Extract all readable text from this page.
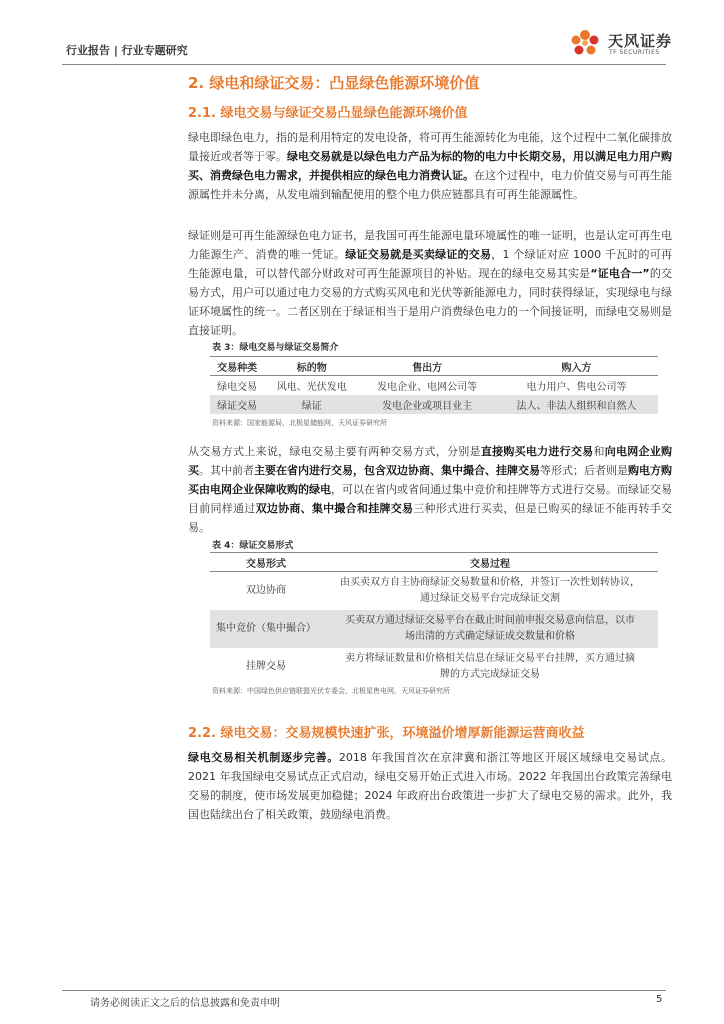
行业报告 | 行业专题研究
天风证券
TF SECURITIES
2. 绿电和绿证交易：凸显绿色能源环境价值
2.1. 绿电交易与绿证交易凸显绿色能源环境价值
绿电即绿色电力，指的是利用特定的发电设备，将可再生能源转化为电能，这个过程中二氧化碳排放量接近或者等于零。绿电交易就是以绿色电力产品为标的物的电力中长期交易，用以满足电力用户购买、消费绿色电力需求，并提供相应的绿色电力消费认证。在这个过程中，电力价值交易与可再生能源属性并未分离，从发电端到输配使用的整个电力供应链都具有可再生能源属性。
绿证则是可再生能源绿色电力证书，是我国可再生能源电量环境属性的唯一证明，也是认定可再生电力能源生产、消费的唯一凭证。绿证交易就是买卖绿证的交易，1 个绿证对应 1000 千瓦时的可再生能源电量，可以替代部分财政对可再生能源项目的补贴。现在的绿电交易其实是“证电合一”的交易方式，用户可以通过电力交易的方式购买风电和光伏等新能源电力，同时获得绿证，实现绿电与绿证环境属性的统一。二者区别在于绿证相当于是用户消费绿色电力的一个间接证明，而绿电交易则是直接证明。
表 3：绿电交易与绿证交易简介
交易种类	标的物	售出方	购入方
绿电交易	风电、光伏发电	发电企业、电网公司等	电力用户、售电公司等
绿证交易	绿证	发电企业或项目业主	法人、非法人组织和自然人
资料来源：国家能源局，北极星储能网，天风证券研究所
从交易方式上来说，绿电交易主要有两种交易方式，分别是直接购买电力进行交易和向电网企业购买。其中前者主要在省内进行交易，包含双边协商、集中撮合、挂牌交易等形式；后者则是购电方购买由电网企业保障收购的绿电，可以在省内或省间通过集中竞价和挂牌等方式进行交易。而绿证交易目前同样通过双边协商、集中撮合和挂牌交易三种形式进行买卖，但是已购买的绿证不能再转手交易。
表 4：绿证交易形式
交易形式	交易过程
双边协商	由买卖双方自主协商绿证交易数量和价格，并签订一次性划转协议，
通过绿证交易平台完成绿证交割

集中竞价（集中撮合）	买卖双方通过绿证交易平台在截止时间前申报交易意向信息，以市
场出清的方式确定绿证成交数量和价格

挂牌交易	卖方将绿证数量和价格相关信息在绿证交易平台挂牌，买方通过摘
牌的方式完成绿证交易
资料来源：中国绿色供应链联盟光伏专委会，北极星售电网，天风证券研究所
2.2. 绿电交易：交易规模快速扩张，环境溢价增厚新能源运营商收益
绿电交易相关机制逐步完善。2018 年我国首次在京津冀和浙江等地区开展区域绿电交易试点。2021 年我国绿电交易试点正式启动，绿电交易开始正式进入市场。2022 年我国出台政策完善绿电交易的制度，使市场发展更加稳健；2024 年政府出台政策进一步扩大了绿电交易的需求。此外，我国也陆续出台了相关政策，鼓励绿电消费。
请务必阅读正文之后的信息披露和免责申明	5
